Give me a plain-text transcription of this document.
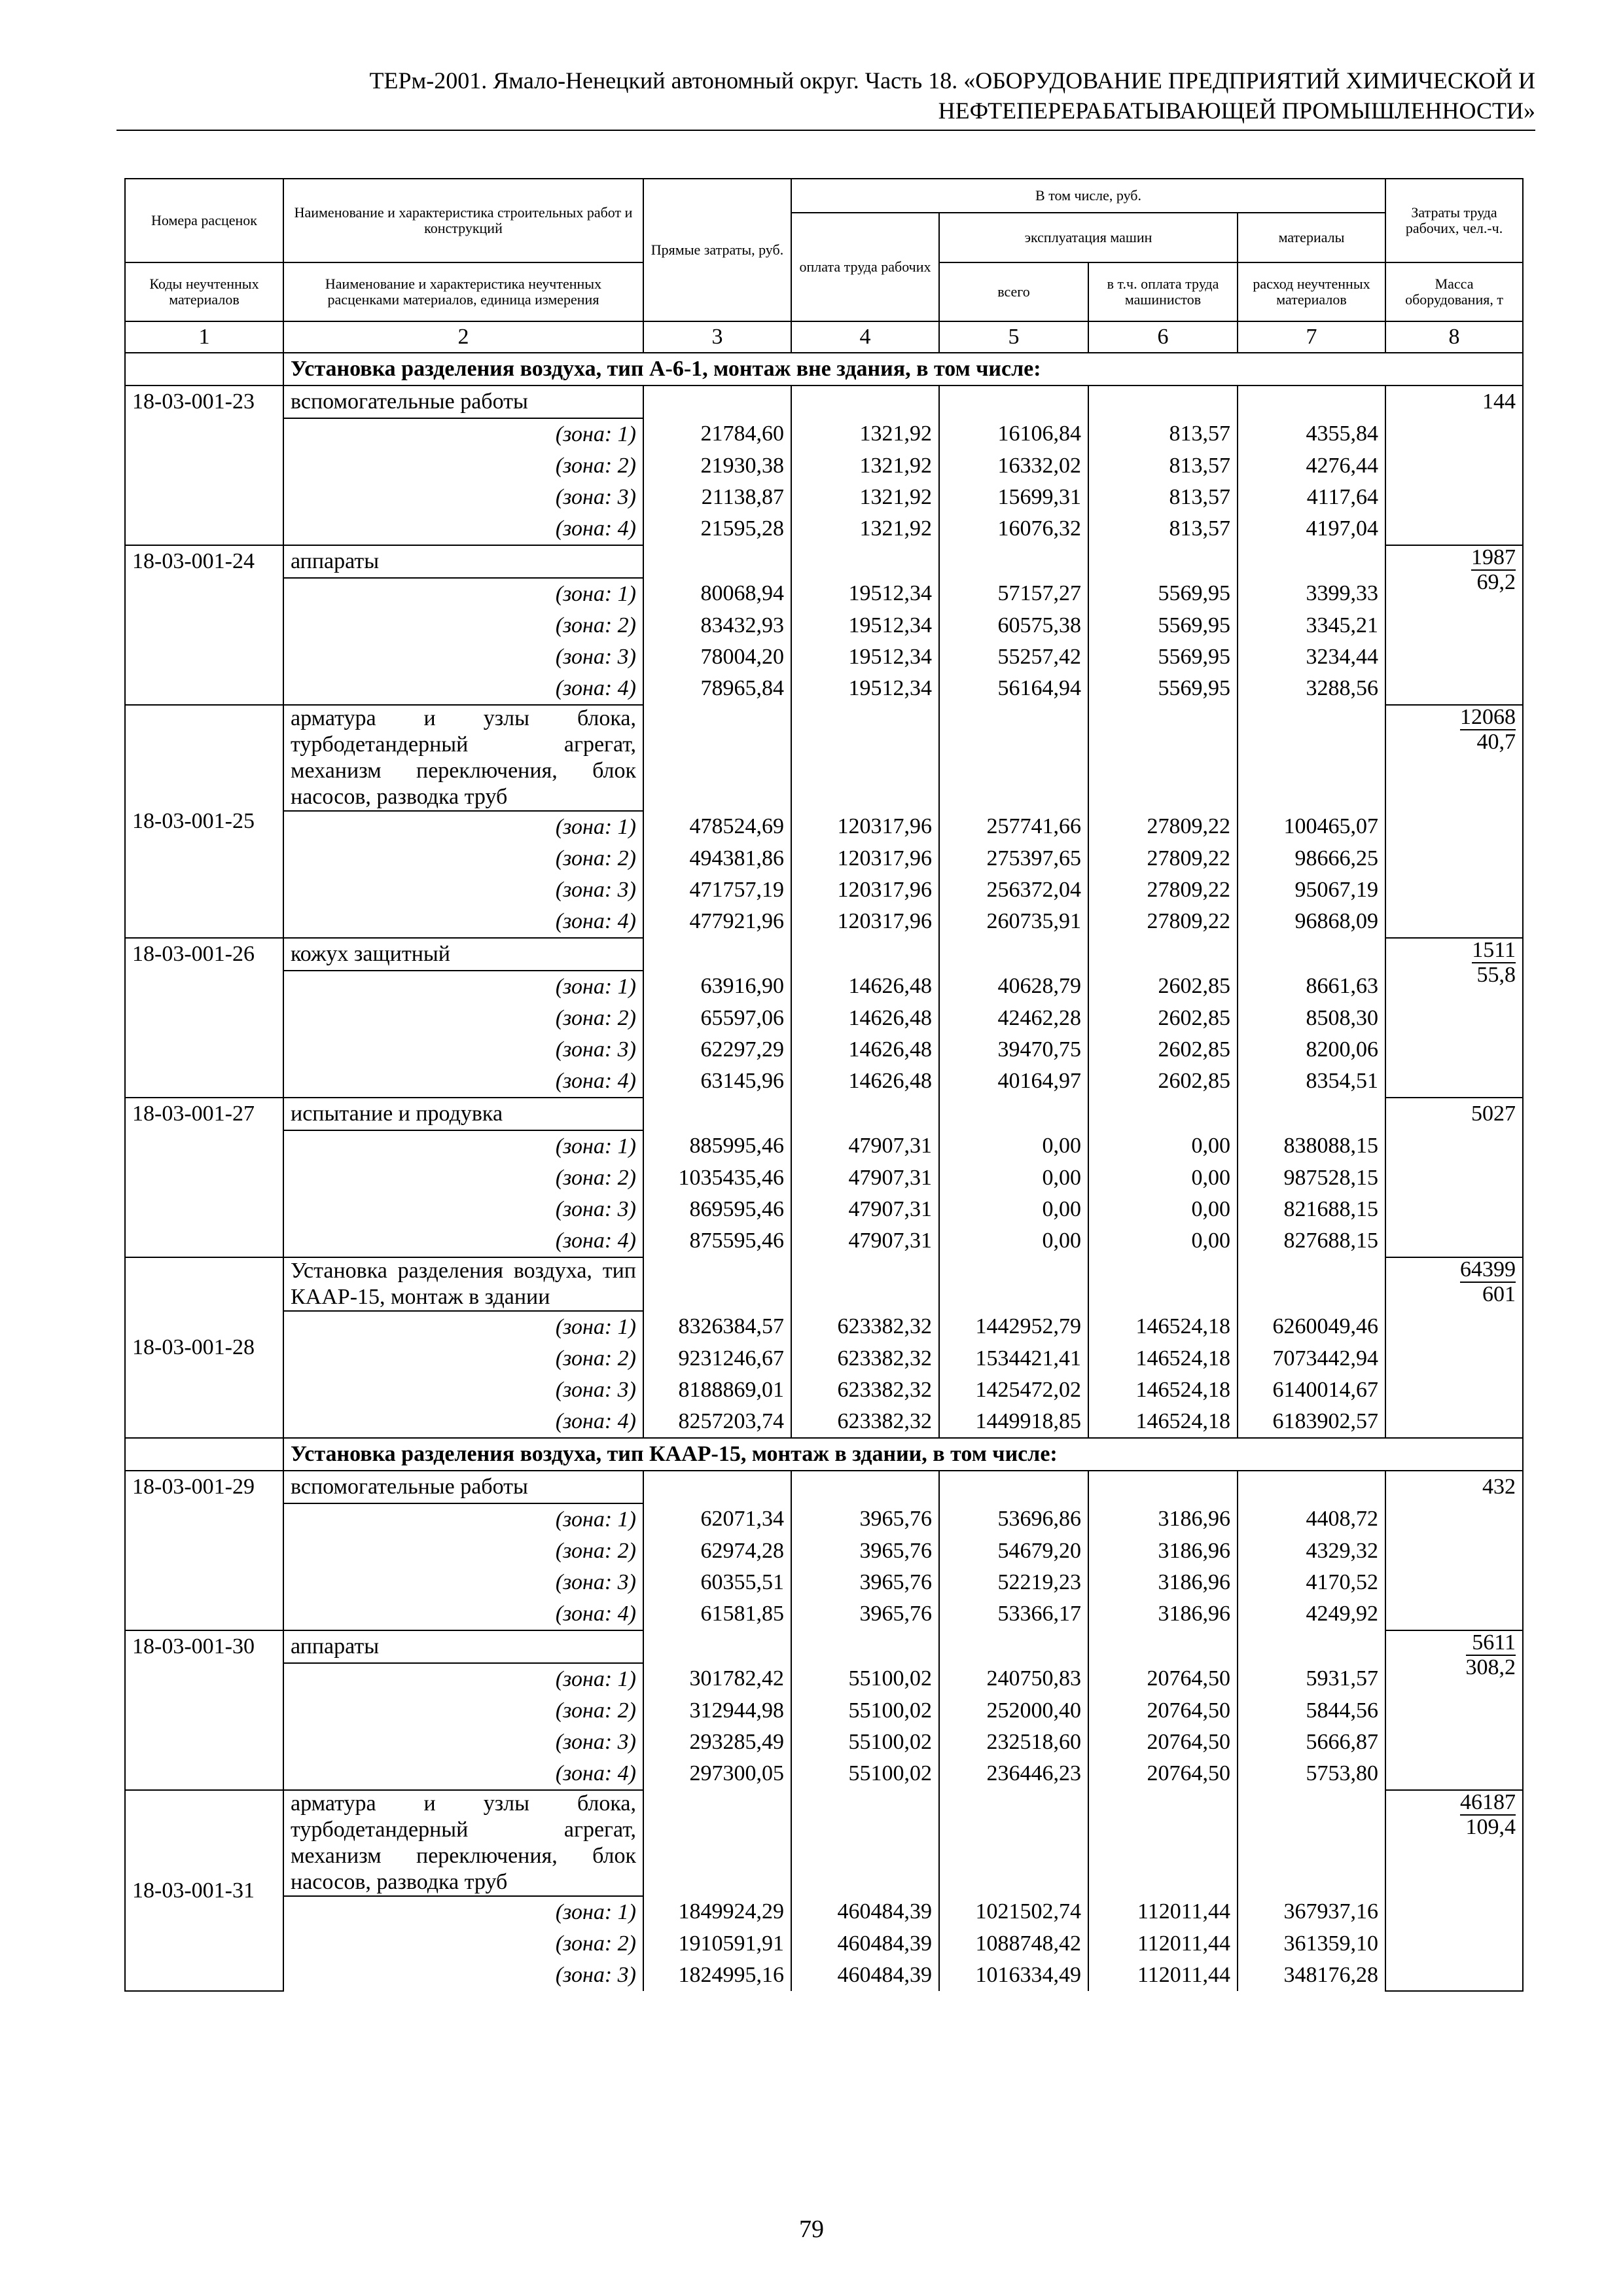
ТЕРм-2001. Ямало-Ненецкий автономный округ. Часть 18. «ОБОРУДОВАНИЕ ПРЕДПРИЯТИЙ ХИМИЧЕСКОЙ И
НЕФТЕПЕРЕРАБАТЫВАЮЩЕЙ ПРОМЫШЛЕННОСТИ»
Номера расценок	Наименование и характеристика строительных работ и конструкций	Прямые затраты, руб.	В том числе, руб.				Затраты труда рабочих, чел.-ч.
			оплата труда рабочих	эксплуатация машин		материалы	
Коды неучтенных материалов	Наименование и характеристика неучтенных расценками материалов, единица измерения			всего	в т.ч. оплата труда машинистов	расход неучтенных материалов	Масса оборудования, т
1	2	3	4	5	6	7	8
	Установка разделения воздуха, тип А-6-1, монтаж вне здания, в том числе:						
18-03-001-23	вспомогательные работы						144
	(зона: 1)	21784,60	1321,92	16106,84	813,57	4355,84	
	(зона: 2)	21930,38	1321,92	16332,02	813,57	4276,44	
	(зона: 3)	21138,87	1321,92	15699,31	813,57	4117,64	
	(зона: 4)	21595,28	1321,92	16076,32	813,57	4197,04	
18-03-001-24	аппараты						$\frac{1987}{69,2}$

	(зона: 1)	80068,94	19512,34	57157,27	5569,95	3399,33	
	(зона: 2)	83432,93	19512,34	60575,38	5569,95	3345,21	
	(зона: 3)	78004,20	19512,34	55257,42	5569,95	3234,44	
	(зона: 4)	78965,84	19512,34	56164,94	5569,95	3288,56	
18-03-001-25	арматура и узлы блока, турбодетандерный агрегат, механизм переключения, блок насосов, разводка труб						$\frac{12068}{40,7}$

	(зона: 1)	478524,69	120317,96	257741,66	27809,22	100465,07	
	(зона: 2)	494381,86	120317,96	275397,65	27809,22	98666,25	
	(зона: 3)	471757,19	120317,96	256372,04	27809,22	95067,19	
	(зона: 4)	477921,96	120317,96	260735,91	27809,22	96868,09	
18-03-001-26	кожух защитный						$\frac{1511}{55,8}$

	(зона: 1)	63916,90	14626,48	40628,79	2602,85	8661,63	
	(зона: 2)	65597,06	14626,48	42462,28	2602,85	8508,30	
	(зона: 3)	62297,29	14626,48	39470,75	2602,85	8200,06	
	(зона: 4)	63145,96	14626,48	40164,97	2602,85	8354,51	
18-03-001-27	испытание и продувка						5027
	(зона: 1)	885995,46	47907,31	0,00	0,00	838088,15	
	(зона: 2)	1035435,46	47907,31	0,00	0,00	987528,15	
	(зона: 3)	869595,46	47907,31	0,00	0,00	821688,15	
	(зона: 4)	875595,46	47907,31	0,00	0,00	827688,15	
18-03-001-28	Установка разделения воздуха, тип КААР-15, монтаж в здании						$\frac{64399}{601}$

	(зона: 1)	8326384,57	623382,32	1442952,79	146524,18	6260049,46	
	(зона: 2)	9231246,67	623382,32	1534421,41	146524,18	7073442,94	
	(зона: 3)	8188869,01	623382,32	1425472,02	146524,18	6140014,67	
	(зона: 4)	8257203,74	623382,32	1449918,85	146524,18	6183902,57	
	Установка разделения воздуха, тип КААР-15, монтаж в здании, в том числе:						
18-03-001-29	вспомогательные работы						432
	(зона: 1)	62071,34	3965,76	53696,86	3186,96	4408,72	
	(зона: 2)	62974,28	3965,76	54679,20	3186,96	4329,32	
	(зона: 3)	60355,51	3965,76	52219,23	3186,96	4170,52	
	(зона: 4)	61581,85	3965,76	53366,17	3186,96	4249,92	
18-03-001-30	аппараты						$\frac{5611}{308,2}$

	(зона: 1)	301782,42	55100,02	240750,83	20764,50	5931,57	
	(зона: 2)	312944,98	55100,02	252000,40	20764,50	5844,56	
	(зона: 3)	293285,49	55100,02	232518,60	20764,50	5666,87	
	(зона: 4)	297300,05	55100,02	236446,23	20764,50	5753,80	
18-03-001-31	арматура и узлы блока, турбодетандерный агрегат, механизм переключения, блок насосов, разводка труб						$\frac{46187}{109,4}$

	(зона: 1)	1849924,29	460484,39	1021502,74	112011,44	367937,16	
	(зона: 2)	1910591,91	460484,39	1088748,42	112011,44	361359,10	
	(зона: 3)	1824995,16	460484,39	1016334,49	112011,44	348176,28	
79
